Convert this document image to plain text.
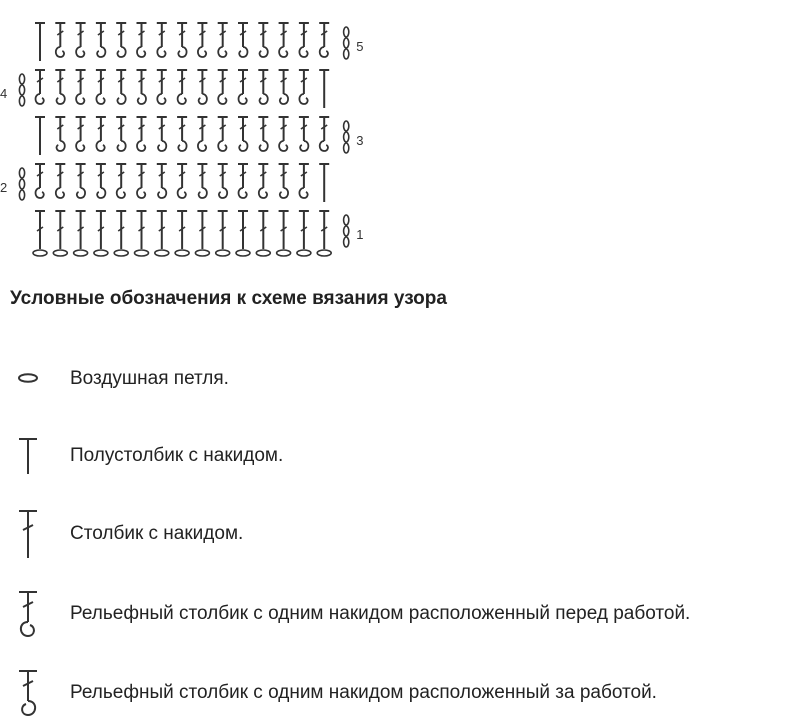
1
2
3
4
5
Условные обозначения к схеме вязания узора
Воздушная петля.
Полустолбик с накидом.
Столбик с накидом.
Рельефный столбик с одним накидом расположенный перед работой.
Рельефный столбик с одним накидом расположенный за работой.
